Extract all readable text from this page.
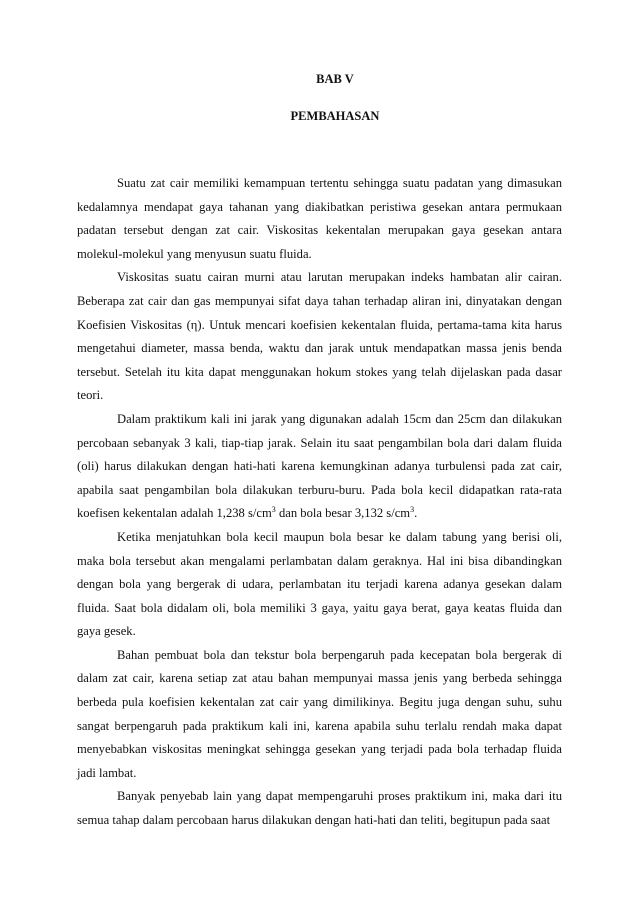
BAB V
PEMBAHASAN

Suatu zat cair memiliki kemampuan tertentu sehingga suatu padatan yang dimasukan kedalamnya mendapat gaya tahanan yang diakibatkan peristiwa gesekan antara permukaan padatan tersebut dengan zat cair. Viskositas kekentalan merupakan gaya gesekan antara molekul-molekul yang menyusun suatu fluida.

Viskositas suatu cairan murni atau larutan merupakan indeks hambatan alir cairan. Beberapa zat cair dan gas mempunyai sifat daya tahan terhadap aliran ini, dinyatakan dengan Koefisien Viskositas (η). Untuk mencari koefisien kekentalan fluida, pertama-tama kita harus mengetahui diameter, massa benda, waktu dan jarak untuk mendapatkan massa jenis benda tersebut. Setelah itu kita dapat menggunakan hokum stokes yang telah dijelaskan pada dasar teori.

Dalam praktikum kali ini jarak yang digunakan adalah 15cm dan 25cm dan dilakukan percobaan sebanyak 3 kali, tiap-tiap jarak. Selain itu saat pengambilan bola dari dalam fluida (oli) harus dilakukan dengan hati-hati karena kemungkinan adanya turbulensi pada zat cair, apabila saat pengambilan bola dilakukan terburu-buru. Pada bola kecil didapatkan rata-rata koefisen kekentalan adalah 1,238 $s/cm^3$ dan bola besar 3,132 $s/cm^3$.

Ketika menjatuhkan bola kecil maupun bola besar ke dalam tabung yang berisi oli, maka bola tersebut akan mengalami perlambatan dalam geraknya. Hal ini bisa dibandingkan dengan bola yang bergerak di udara, perlambatan itu terjadi karena adanya gesekan dalam fluida. Saat bola didalam oli, bola memiliki 3 gaya, yaitu gaya berat, gaya keatas fluida dan gaya gesek.

Bahan pembuat bola dan tekstur bola berpengaruh pada kecepatan bola bergerak di dalam zat cair, karena setiap zat atau bahan mempunyai massa jenis yang berbeda sehingga berbeda pula koefisien kekentalan zat cair yang dimilikinya. Begitu juga dengan suhu, suhu sangat berpengaruh pada praktikum kali ini, karena apabila suhu terlalu rendah maka dapat menyebabkan viskositas meningkat sehingga gesekan yang terjadi pada bola terhadap fluida jadi lambat.

Banyak penyebab lain yang dapat mempengaruhi proses praktikum ini, maka dari itu semua tahap dalam percobaan harus dilakukan dengan hati-hati dan teliti, begitupun pada saat
